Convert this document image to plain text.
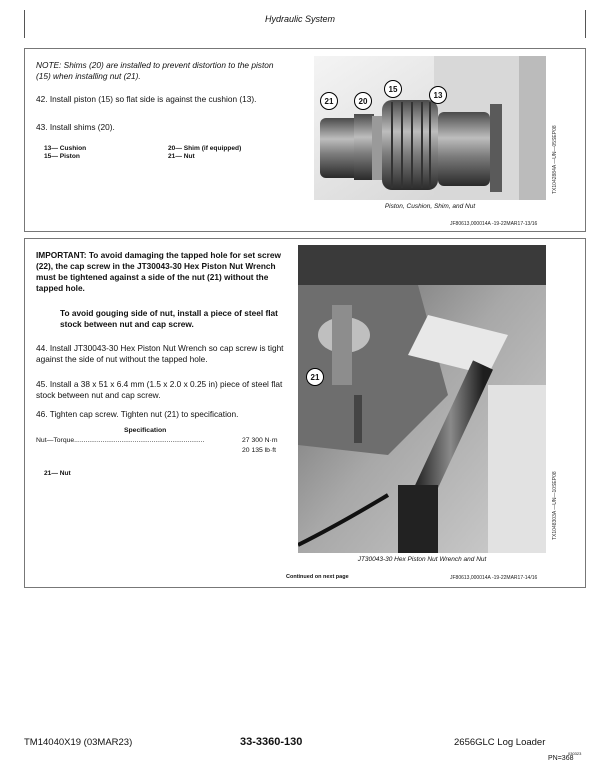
Hydraulic System
NOTE: Shims (20) are installed to prevent distortion to the piston (15) when installing nut (21).
42. Install piston (15) so flat side is against the cushion (13).
43. Install shims (20).
13— Cushion
15— Piston
20— Shim (if equipped)
21— Nut
21	20
15
13
Piston, Cushion, Shim, and Nut
TX1042884A —UN—05SEP08
JF80613,000014A -19-22MAR17-13/16
IMPORTANT: To avoid damaging the tapped hole for set screw (22), the cap screw in the JT30043-30 Hex Piston Nut Wrench must be tightened against a side of the nut (21) without the tapped hole.
To avoid gouging side of nut, install a piece of steel flat stock between nut and cap screw.
44. Install JT30043-30 Hex Piston Nut Wrench so cap screw is tight against the side of nut without the tapped hole.
45. Install a 38 x 51 x 6.4 mm (1.5 x 2.0 x 0.25 in) piece of steel flat stock between nut and cap screw.
46. Tighten cap screw. Tighten nut (21) to specification.
Specification
Nut—Torque.....................................................................	27 300 N·m
20 135 lb·ft
21— Nut
21
JT30043-30 Hex Piston Nut Wrench and Nut
TX1048303A —UN—10SEP08
Continued on next page	JF80613,000014A -19-22MAR17-14/16
TM14040X19 (03MAR23)	33-3360-130	2656GLC Log Loader
030323
PN=368
